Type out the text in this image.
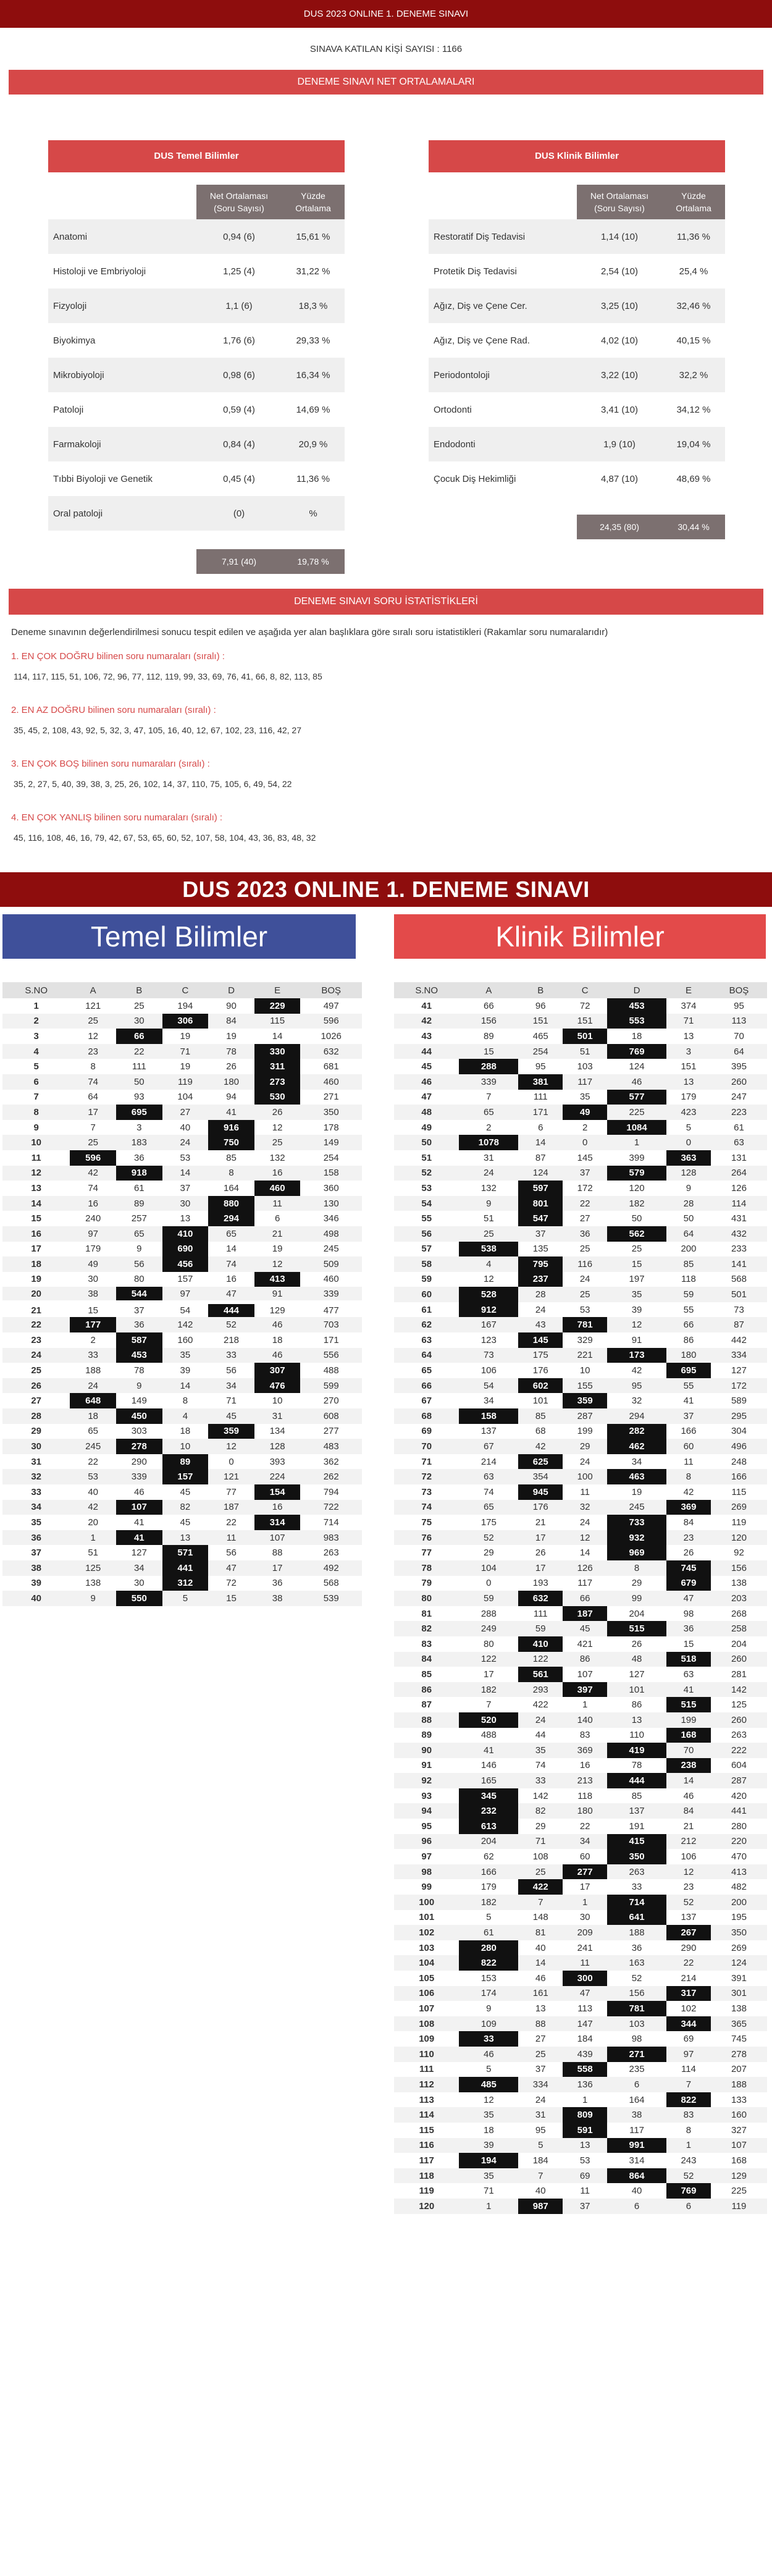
DUS 2023 ONLINE 1. DENEME SINAVI
SINAVA KATILAN KİŞİ SAYISI : 1166
DENEME SINAVI NET ORTALAMALARI
DUS Temel Bilimler
Net Ortalaması
(Soru Sayısı)
Yüzde
Ortalama
Anatomi	0,94 (6)	15,61 %
Histoloji ve Embriyoloji	1,25 (4)	31,22 %
Fizyoloji	1,1 (6)	18,3 %
Biyokimya	1,76 (6)	29,33 %
Mikrobiyoloji	0,98 (6)	16,34 %
Patoloji	0,59 (4)	14,69 %
Farmakoloji	0,84 (4)	20,9 %
Tıbbi Biyoloji ve Genetik	0,45 (4)	11,36 %
Oral patoloji	(0)	%
7,91 (40)	19,78 %
DUS Klinik Bilimler
Net Ortalaması
(Soru Sayısı)
Yüzde
Ortalama
Restoratif Diş Tedavisi	1,14 (10)	11,36 %
Protetik Diş Tedavisi	2,54 (10)	25,4 %
Ağız, Diş ve Çene Cer.	3,25 (10)	32,46 %
Ağız, Diş ve Çene Rad.	4,02 (10)	40,15 %
Periodontoloji	3,22 (10)	32,2 %
Ortodonti	3,41 (10)	34,12 %
Endodonti	1,9 (10)	19,04 %
Çocuk Diş Hekimliği	4,87 (10)	48,69 %
24,35 (80)	30,44 %
DENEME SINAVI SORU İSTATİSTİKLERİ
Deneme sınavının değerlendirilmesi sonucu tespit edilen ve aşağıda yer alan başlıklara göre sıralı soru istatistikleri (Rakamlar soru numaralarıdır)
1. EN ÇOK DOĞRU bilinen soru numaraları (sıralı) :
114, 117, 115, 51, 106, 72, 96, 77, 112, 119, 99, 33, 69, 76, 41, 66, 8, 82, 113, 85
2. EN AZ DOĞRU bilinen soru numaraları (sıralı) :
35, 45, 2, 108, 43, 92, 5, 32, 3, 47, 105, 16, 40, 12, 67, 102, 23, 116, 42, 27
3. EN ÇOK BOŞ bilinen soru numaraları (sıralı) :
35, 2, 27, 5, 40, 39, 38, 3, 25, 26, 102, 14, 37, 110, 75, 105, 6, 49, 54, 22
4. EN ÇOK YANLIŞ bilinen soru numaraları (sıralı) :
45, 116, 108, 46, 16, 79, 42, 67, 53, 65, 60, 52, 107, 58, 104, 43, 36, 83, 48, 32
DUS 2023 ONLINE 1. DENEME SINAVI
Temel Bilimler	Klinik Bilimler
S.NO	A	B	C	D	E	BOŞ
1	121	25	194	90	229	497
2	25	30	306	84	115	596
3	12	66	19	19	14	1026
4	23	22	71	78	330	632
5	8	111	19	26	311	681
6	74	50	119	180	273	460
7	64	93	104	94	530	271
8	17	695	27	41	26	350
9	7	3	40	916	12	178
10	25	183	24	750	25	149
11	596	36	53	85	132	254
12	42	918	14	8	16	158
13	74	61	37	164	460	360
14	16	89	30	880	11	130
15	240	257	13	294	6	346
16	97	65	410	65	21	498
17	179	9	690	14	19	245
18	49	56	456	74	12	509
19	30	80	157	16	413	460
20	38	544	97	47	91	339
21	15	37	54	444	129	477
22	177	36	142	52	46	703
23	2	587	160	218	18	171
24	33	453	35	33	46	556
25	188	78	39	56	307	488
26	24	9	14	34	476	599
27	648	149	8	71	10	270
28	18	450	4	45	31	608
29	65	303	18	359	134	277
30	245	278	10	12	128	483
31	22	290	89	0	393	362
32	53	339	157	121	224	262
33	40	46	45	77	154	794
34	42	107	82	187	16	722
35	20	41	45	22	314	714
36	1	41	13	11	107	983
37	51	127	571	56	88	263
38	125	34	441	47	17	492
39	138	30	312	72	36	568
40	9	550	5	15	38	539
S.NO	A	B	C	D	E	BOŞ
41	66	96	72	453	374	95
42	156	151	151	553	71	113
43	89	465	501	18	13	70
44	15	254	51	769	3	64
45	288	95	103	124	151	395
46	339	381	117	46	13	260
47	7	111	35	577	179	247
48	65	171	49	225	423	223
49	2	6	2	1084	5	61
50	1078	14	0	1	0	63
51	31	87	145	399	363	131
52	24	124	37	579	128	264
53	132	597	172	120	9	126
54	9	801	22	182	28	114
55	51	547	27	50	50	431
56	25	37	36	562	64	432
57	538	135	25	25	200	233
58	4	795	116	15	85	141
59	12	237	24	197	118	568
60	528	28	25	35	59	501
61	912	24	53	39	55	73
62	167	43	781	12	66	87
63	123	145	329	91	86	442
64	73	175	221	173	180	334
65	106	176	10	42	695	127
66	54	602	155	95	55	172
67	34	101	359	32	41	589
68	158	85	287	294	37	295
69	137	68	199	282	166	304
70	67	42	29	462	60	496
71	214	625	24	34	11	248
72	63	354	100	463	8	166
73	74	945	11	19	42	115
74	65	176	32	245	369	269
75	175	21	24	733	84	119
76	52	17	12	932	23	120
77	29	26	14	969	26	92
78	104	17	126	8	745	156
79	0	193	117	29	679	138
80	59	632	66	99	47	203
81	288	111	187	204	98	268
82	249	59	45	515	36	258
83	80	410	421	26	15	204
84	122	122	86	48	518	260
85	17	561	107	127	63	281
86	182	293	397	101	41	142
87	7	422	1	86	515	125
88	520	24	140	13	199	260
89	488	44	83	110	168	263
90	41	35	369	419	70	222
91	146	74	16	78	238	604
92	165	33	213	444	14	287
93	345	142	118	85	46	420
94	232	82	180	137	84	441
95	613	29	22	191	21	280
96	204	71	34	415	212	220
97	62	108	60	350	106	470
98	166	25	277	263	12	413
99	179	422	17	33	23	482
100	182	7	1	714	52	200
101	5	148	30	641	137	195
102	61	81	209	188	267	350
103	280	40	241	36	290	269
104	822	14	11	163	22	124
105	153	46	300	52	214	391
106	174	161	47	156	317	301
107	9	13	113	781	102	138
108	109	88	147	103	344	365
109	33	27	184	98	69	745
110	46	25	439	271	97	278
111	5	37	558	235	114	207
112	485	334	136	6	7	188
113	12	24	1	164	822	133
114	35	31	809	38	83	160
115	18	95	591	117	8	327
116	39	5	13	991	1	107
117	194	184	53	314	243	168
118	35	7	69	864	52	129
119	71	40	11	40	769	225
120	1	987	37	6	6	119
